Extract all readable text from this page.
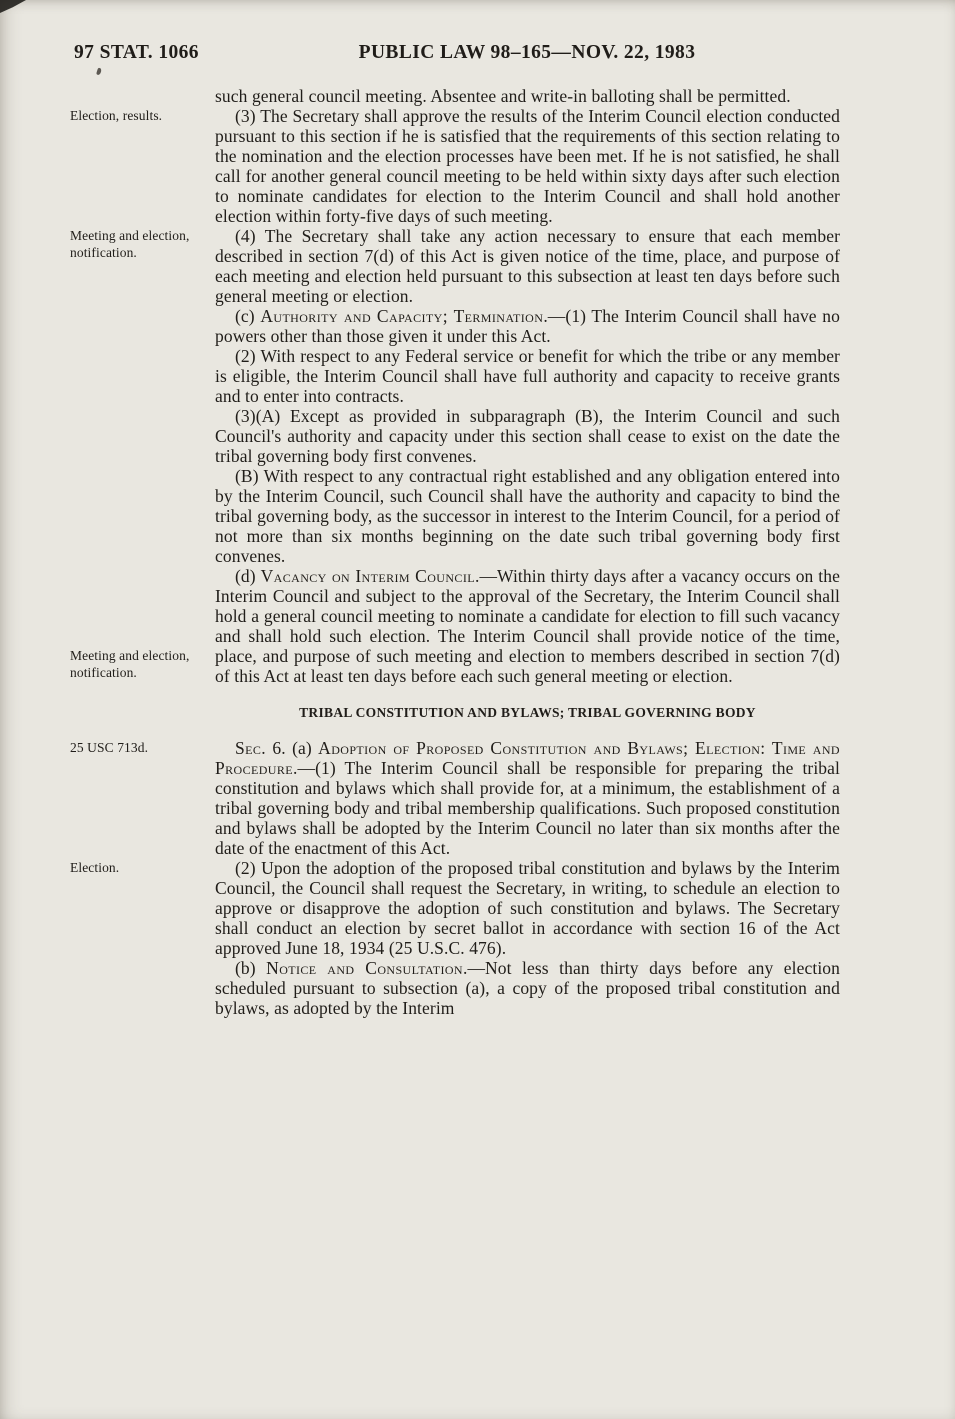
97 STAT. 1066	PUBLIC LAW 98–165—NOV. 22, 1983

such general council meeting. Absentee and write-in balloting shall be permitted.

Election, results.	(3) The Secretary shall approve the results of the Interim Council election conducted pursuant to this section if he is satisfied that the requirements of this section relating to the nomination and the election processes have been met. If he is not satisfied, he shall call for another general council meeting to be held within sixty days after such election to nominate candidates for election to the Interim Council and shall hold another election within forty-five days of such meeting.

Meeting and election, notification.
(4) The Secretary shall take any action necessary to ensure that each member described in section 7(d) of this Act is given notice of the time, place, and purpose of each meeting and election held pursuant to this subsection at least ten days before such general meeting or election.

(c) Authority and Capacity; Termination.—(1) The Interim Council shall have no powers other than those given it under this Act.

(2) With respect to any Federal service or benefit for which the tribe or any member is eligible, the Interim Council shall have full authority and capacity to receive grants and to enter into contracts.

(3)(A) Except as provided in subparagraph (B), the Interim Council and such Council's authority and capacity under this section shall cease to exist on the date the tribal governing body first convenes.

(B) With respect to any contractual right established and any obligation entered into by the Interim Council, such Council shall have the authority and capacity to bind the tribal governing body, as the successor in interest to the Interim Council, for a period of not more than six months beginning on the date such tribal governing body first convenes.

Meeting and election, notification.
(d) Vacancy on Interim Council.—Within thirty days after a vacancy occurs on the Interim Council and subject to the approval of the Secretary, the Interim Council shall hold a general council meeting to nominate a candidate for election to fill such vacancy and shall hold such election. The Interim Council shall provide notice of the time, place, and purpose of such meeting and election to members described in section 7(d) of this Act at least ten days before each such general meeting or election.

TRIBAL CONSTITUTION AND BYLAWS; TRIBAL GOVERNING BODY

25 USC 713d.	Sec. 6. (a) Adoption of Proposed Constitution and Bylaws; Election: Time and Procedure.—(1) The Interim Council shall be responsible for preparing the tribal constitution and bylaws which shall provide for, at a minimum, the establishment of a tribal governing body and tribal membership qualifications. Such proposed constitution and bylaws shall be adopted by the Interim Council no later than six months after the date of the enactment of this Act.

Election.	(2) Upon the adoption of the proposed tribal constitution and bylaws by the Interim Council, the Council shall request the Secretary, in writing, to schedule an election to approve or disapprove the adoption of such constitution and bylaws. The Secretary shall conduct an election by secret ballot in accordance with section 16 of the Act approved June 18, 1934 (25 U.S.C. 476).

(b) Notice and Consultation.—Not less than thirty days before any election scheduled pursuant to subsection (a), a copy of the proposed tribal constitution and bylaws, as adopted by the Interim
